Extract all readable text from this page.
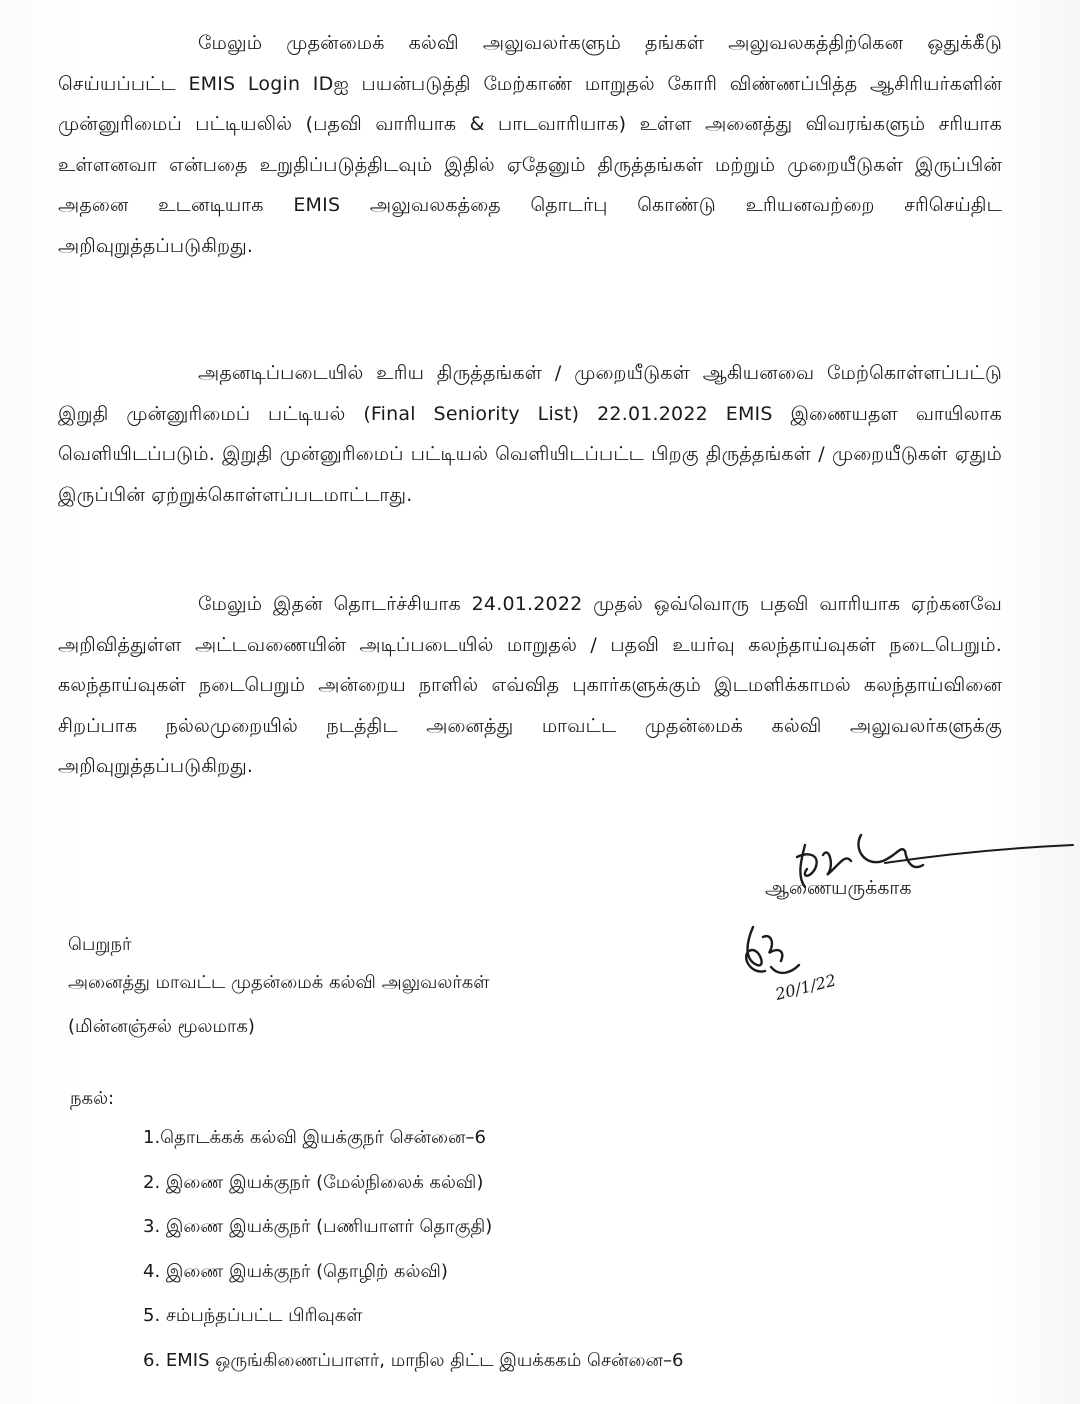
மேலும் முதன்மைக் கல்வி அலுவலர்களும் தங்கள் அலுவலகத்திற்கென ஒதுக்கீடு செய்யப்பட்ட EMIS Login IDஐ பயன்படுத்தி மேற்காண் மாறுதல் கோரி விண்ணப்பித்த ஆசிரியர்களின் முன்னுரிமைப் பட்டியலில் (பதவி வாரியாக & பாடவாரியாக) உள்ள அனைத்து விவரங்களும் சரியாக உள்ளனவா என்பதை உறுதிப்படுத்திடவும் இதில் ஏதேனும் திருத்தங்கள் மற்றும் முறையீடுகள் இருப்பின் அதனை உடனடியாக EMIS அலுவலகத்தை தொடர்பு கொண்டு உரியனவற்றை சரிசெய்திட அறிவுறுத்தப்படுகிறது.
அதனடிப்படையில் உரிய திருத்தங்கள் / முறையீடுகள் ஆகியனவை மேற்கொள்ளப்பட்டு இறுதி முன்னுரிமைப் பட்டியல் (Final Seniority List) 22.01.2022 EMIS இணையதள வாயிலாக வெளியிடப்படும். இறுதி முன்னுரிமைப் பட்டியல் வெளியிடப்பட்ட பிறகு திருத்தங்கள் / முறையீடுகள் ஏதும் இருப்பின் ஏற்றுக்கொள்ளப்படமாட்டாது.
மேலும் இதன் தொடர்ச்சியாக 24.01.2022 முதல் ஒவ்வொரு பதவி வாரியாக ஏற்கனவே அறிவித்துள்ள அட்டவணையின் அடிப்படையில் மாறுதல் / பதவி உயர்வு கலந்தாய்வுகள் நடைபெறும். கலந்தாய்வுகள் நடைபெறும் அன்றைய நாளில் எவ்வித புகார்களுக்கும் இடமளிக்காமல் கலந்தாய்வினை சிறப்பாக நல்லமுறையில் நடத்திட அனைத்து மாவட்ட முதன்மைக் கல்வி அலுவலர்களுக்கு அறிவுறுத்தப்படுகிறது.
20/1/22
ஆணையருக்காக
பெறுநர்
அனைத்து மாவட்ட முதன்மைக் கல்வி அலுவலர்கள்
(மின்னஞ்சல் மூலமாக)
நகல்:
1.தொடக்கக் கல்வி இயக்குநர் சென்னை–6
2. இணை இயக்குநர் (மேல்நிலைக் கல்வி)
3. இணை இயக்குநர் (பணியாளர் தொகுதி)
4. இணை இயக்குநர் (தொழிற் கல்வி)
5. சம்பந்தப்பட்ட பிரிவுகள்
6. EMIS ஒருங்கிணைப்பாளர், மாநில திட்ட இயக்ககம் சென்னை–6
